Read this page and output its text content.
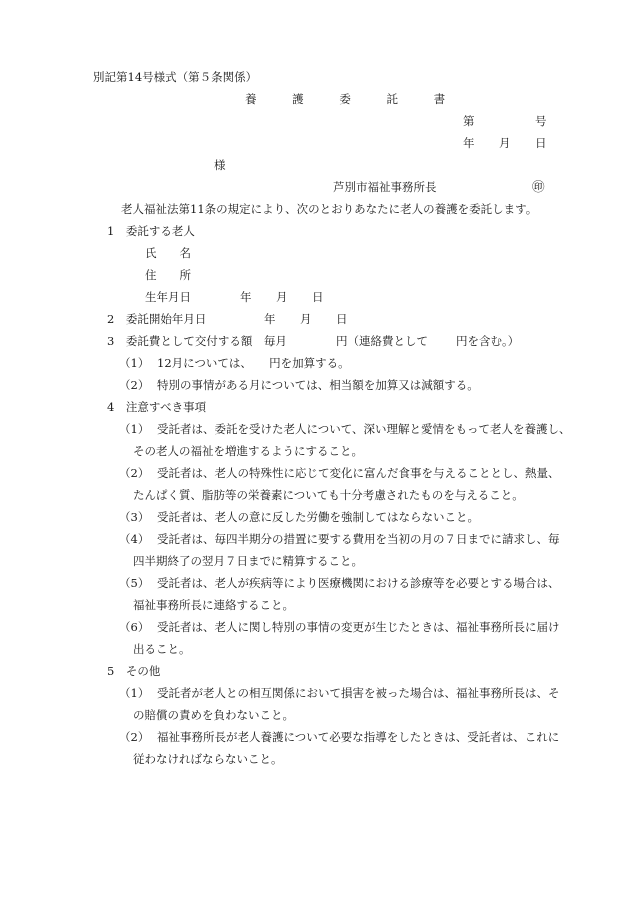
別記第14号様式（第５条関係）
養	護	委	託	書
第	号
年 月 日
様
芦別市福祉事務所長	㊞
老人福祉法第11条の規定により、次のとおりあなたに老人の養護を委託します。
1　委託する老人
氏　　名
住　　所
生年月日	年 月 日
2　委託開始年月日	年 月 日
3　委託費として交付する額　毎月	円（連絡費として 円を含む。）
（1） 12月については、　　円を加算する。
（2） 特別の事情がある月については、相当額を加算又は減額する。
4　注意すべき事項
（1） 受託者は、委託を受けた老人について、深い理解と愛情をもって老人を養護し、
その老人の福祉を増進するようにすること。
（2） 受託者は、老人の特殊性に応じて変化に富んだ食事を与えることとし、熱量、
たんぱく質、脂肪等の栄養素についても十分考慮されたものを与えること。
（3） 受託者は、老人の意に反した労働を強制してはならないこと。
（4） 受託者は、毎四半期分の措置に要する費用を当初の月の７日までに請求し、毎
四半期終了の翌月７日までに精算すること。
（5） 受託者は、老人が疾病等により医療機関における診療等を必要とする場合は、
福祉事務所長に連絡すること。
（6） 受託者は、老人に関し特別の事情の変更が生じたときは、福祉事務所長に届け
出ること。
5　その他
（1） 受託者が老人との相互関係において損害を被った場合は、福祉事務所長は、そ
の賠償の責めを負わないこと。
（2） 福祉事務所長が老人養護について必要な指導をしたときは、受託者は、これに
従わなければならないこと。
